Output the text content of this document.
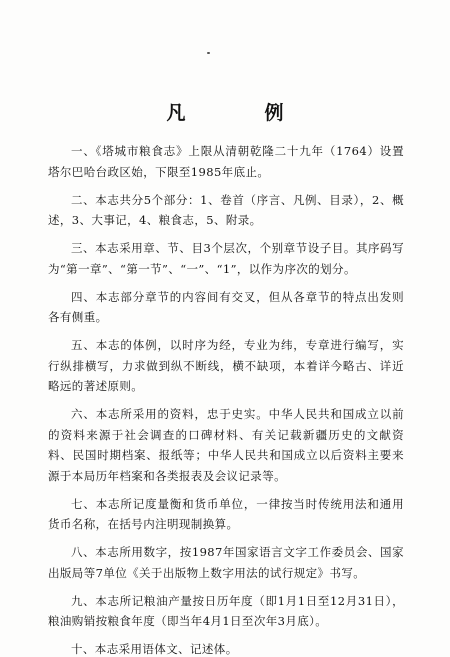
凡　例

一、《塔城市粮食志》上限从清朝乾隆二十九年（1764）设置塔尔巴哈台政区始，下限至1985年底止。

二、本志共分5个部分：1、卷首（序言、凡例、目录），2、概述，3、大事记，4、粮食志，5、附录。

三、本志采用章、节、目3个层次，个别章节设子目。其序码写为“第一章”、“第一节”、“一”、“1”，以作为序次的划分。

四、本志部分章节的内容间有交叉，但从各章节的特点出发则各有侧重。

五、本志的体例，以时序为经，专业为纬，专章进行编写，实行纵排横写，力求做到纵不断线，横不缺项，本着详今略古、详近略远的著述原则。

六、本志所采用的资料，忠于史实。中华人民共和国成立以前的资料来源于社会调查的口碑材料、有关记载新疆历史的文献资料、民国时期档案、报纸等；中华人民共和国成立以后资料主要来源于本局历年档案和各类报表及会议记录等。

七、本志所记度量衡和货币单位，一律按当时传统用法和通用货币名称，在括号内注明现制换算。

八、本志所用数字，按1987年国家语言文字工作委员会、国家出版局等7单位《关于出版物上数字用法的试行规定》书写。

九、本志所记粮油产量按日历年度（即1月1日至12月31日），粮油购销按粮食年度（即当年4月1日至次年3月底）。

十、本志采用语体文、记述体。
